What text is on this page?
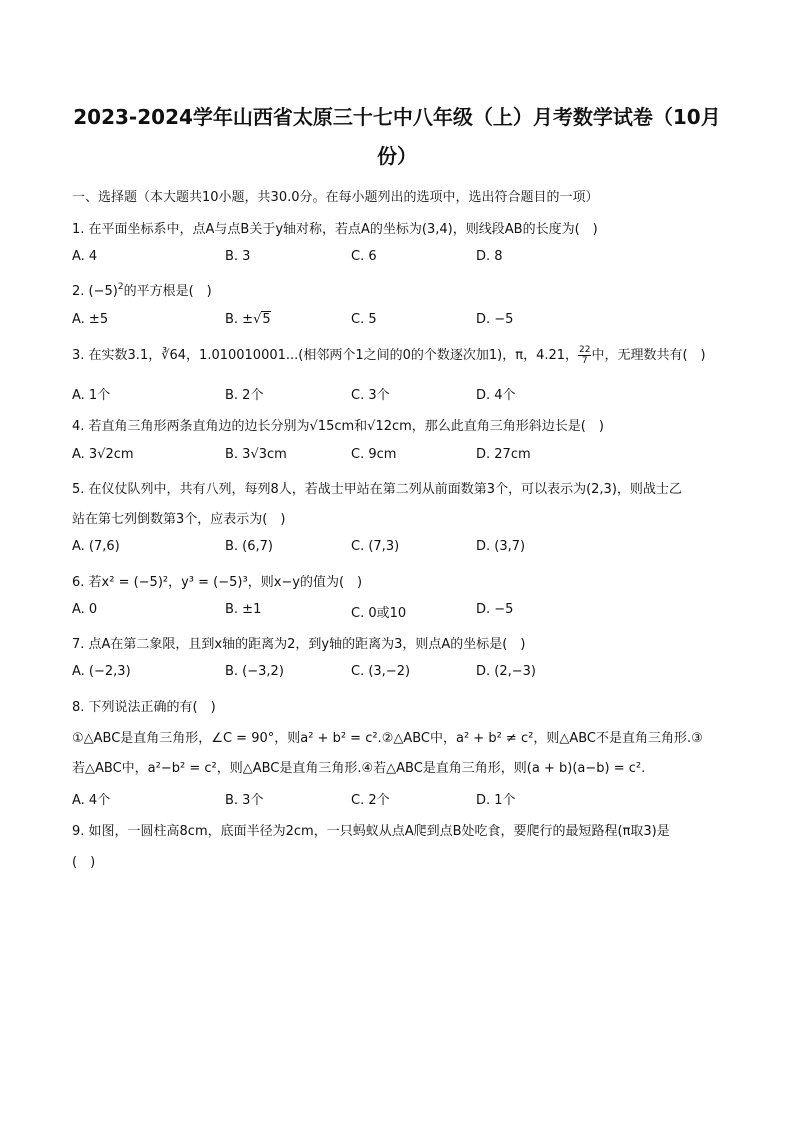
2023-2024学年山西省太原三十七中八年级（上）月考数学试卷（10月
份）
一、选择题（本大题共10小题，共30.0分。在每小题列出的选项中，选出符合题目的一项）
1. 在平面坐标系中，点A与点B关于y轴对称，若点A的坐标为(3,4)，则线段AB的长度为(　)
A. 4	B. 3	C. 6	D. 8
2. $(-5)^2$的平方根是(　)
A. ±5	B. ±√5	C. 5	D. −5
3. 在实数3.1，∛64，1.010010001...(相邻两个1之间的0的个数逐次加1)，π，4.21， $\frac{22}{7}$ 中，无理数共有(　)
A. 1个	B. 2个	C. 3个	D. 4个
4. 若直角三角形两条直角边的边长分别为√15cm和√12cm，那么此直角三角形斜边长是(　)
A. 3√2cm	B. 3√3cm	C. 9cm	D. 27cm
5. 在仪仗队列中，共有八列，每列8人，若战士甲站在第二列从前面数第3个，可以表示为(2,3)，则战士乙
站在第七列倒数第3个，应表示为(　)
A. (7,6)	B. (6,7)	C. (7,3)	D. (3,7)
6. 若x² = (−5)²，y³ = (−5)³，则x−y的值为(　)
A. 0	B. ±1	C. 0或10	D. −5
7. 点A在第二象限，且到x轴的距离为2，到y轴的距离为3，则点A的坐标是(　)
A. (−2,3)	B. (−3,2)	C. (3,−2)	D. (2,−3)
8. 下列说法正确的有(　)
①△ABC是直角三角形，∠C = 90°，则a² + b² = c².②△ABC中，a² + b² ≠ c²，则△ABC不是直角三角形.③
若△ABC中，a²−b² = c²，则△ABC是直角三角形.④若△ABC是直角三角形，则(a + b)(a−b) = c².
A. 4个	B. 3个	C. 2个	D. 1个
9. 如图，一圆柱高8cm，底面半径为2cm，一只蚂蚁从点A爬到点B处吃食，要爬行的最短路程(π取3)是
(　)
